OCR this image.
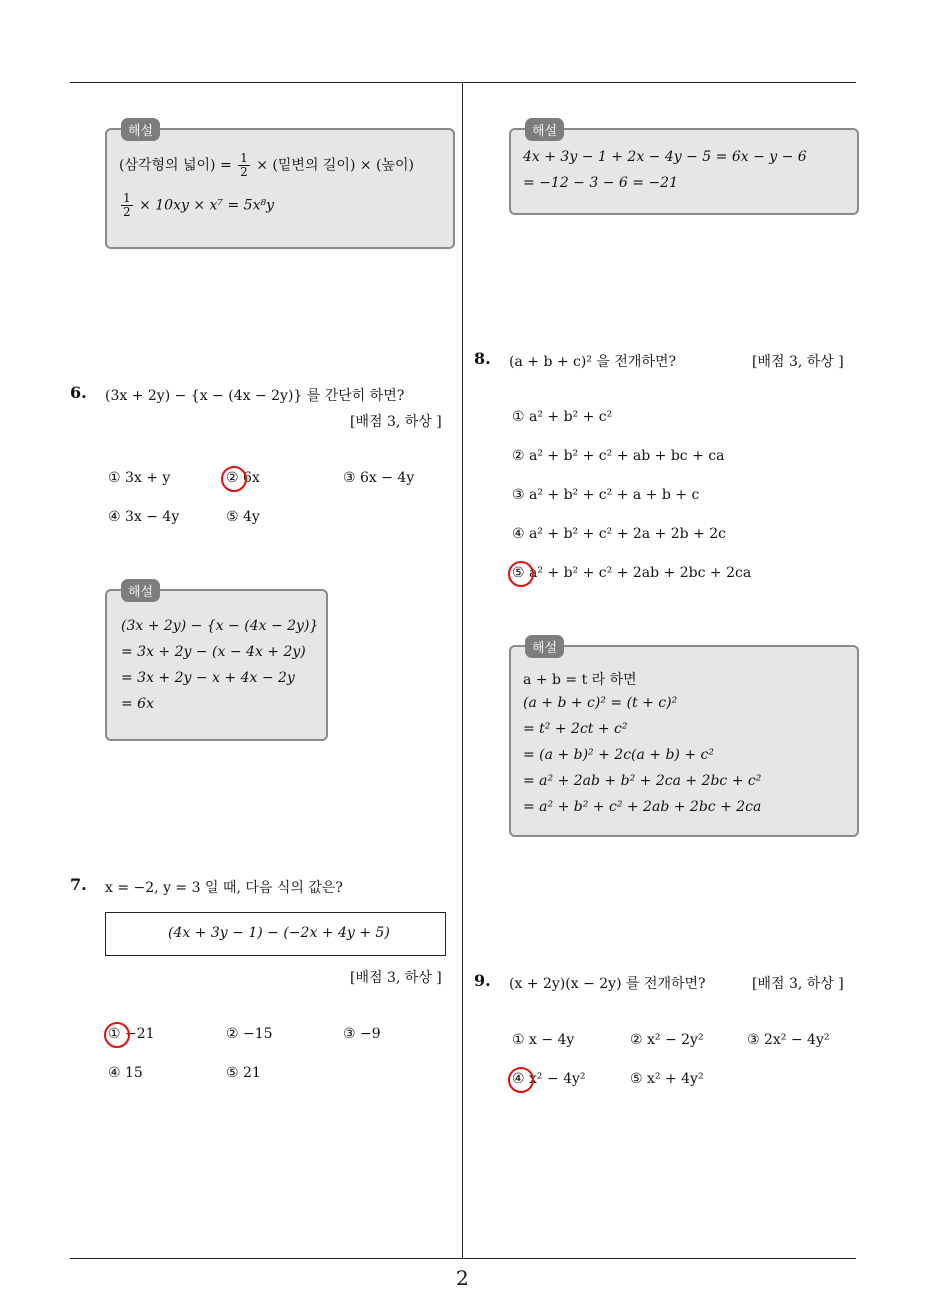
해설
(삼각형의 넓이) = $\frac{1}{2}$ × (밑변의 길이) × (높이)
$\frac{1}{2} \times 10xy \times x^7 = 5x^8y$
6. (3x + 2y) − {x − (4x − 2y)} 를 간단히 하면?
[배점 3, 하상 ]
① 3x + y	② 6x	③ 6x − 4y
④ 3x − 4y	⑤ 4y
해설
(3x + 2y) − {x − (4x − 2y)}
= 3x + 2y − (x − 4x + 2y)
= 3x + 2y − x + 4x − 2y
= 6x
7. x = −2, y = 3 일 때, 다음 식의 값은?
(4x + 3y − 1) − (−2x + 4y + 5)
[배점 3, 하상 ]
① −21	② −15	③ −9
④ 15	⑤ 21
해설
4x + 3y − 1 + 2x − 4y − 5 = 6x − y − 6
= −12 − 3 − 6 = −21
8. (a + b + c)² 을 전개하면?	[배점 3, 하상 ]
① a² + b² + c²
② a² + b² + c² + ab + bc + ca
③ a² + b² + c² + a + b + c
④ a² + b² + c² + 2a + 2b + 2c
⑤ a² + b² + c² + 2ab + 2bc + 2ca
해설
a + b = t 라 하면
(a + b + c)² = (t + c)²
= t² + 2ct + c²
= (a + b)² + 2c(a + b) + c²
= a² + 2ab + b² + 2ca + 2bc + c²
= a² + b² + c² + 2ab + 2bc + 2ca
9. (x + 2y)(x − 2y) 를 전개하면?	[배점 3, 하상 ]
① x − 4y	② x² − 2y²	③ 2x² − 4y²
④ x² − 4y²	⑤ x² + 4y²
2
